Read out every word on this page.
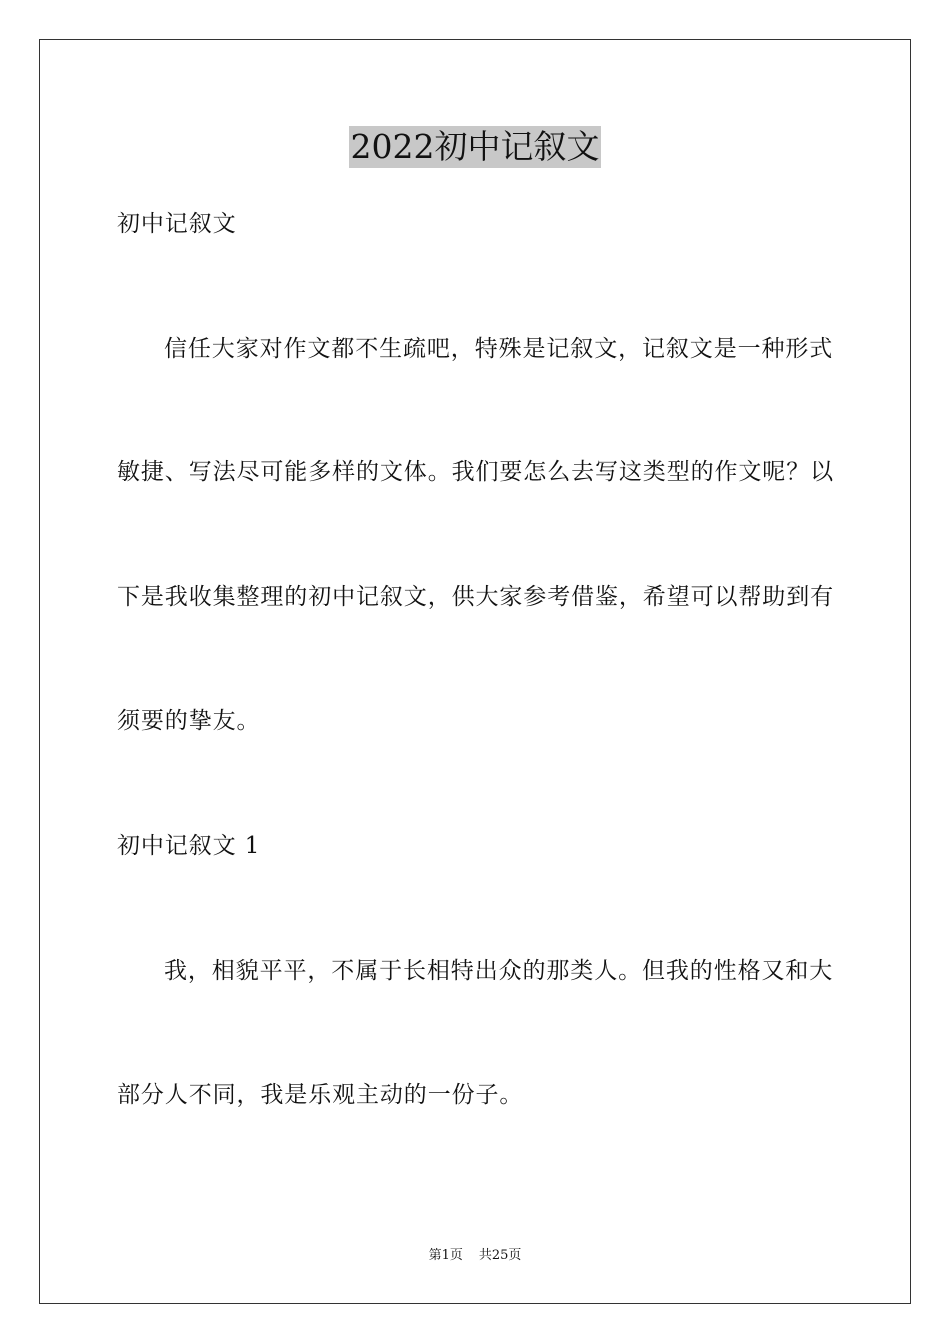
2022初中记叙文
初中记叙文
信任大家对作文都不生疏吧，特殊是记叙文，记叙文是一种形式
敏捷、写法尽可能多样的文体。我们要怎么去写这类型的作文呢？以
下是我收集整理的初中记叙文，供大家参考借鉴，希望可以帮助到有
须要的挚友。
初中记叙文 1
我，相貌平平，不属于长相特出众的那类人。但我的性格又和大
部分人不同，我是乐观主动的一份子。
第1页 共25页
